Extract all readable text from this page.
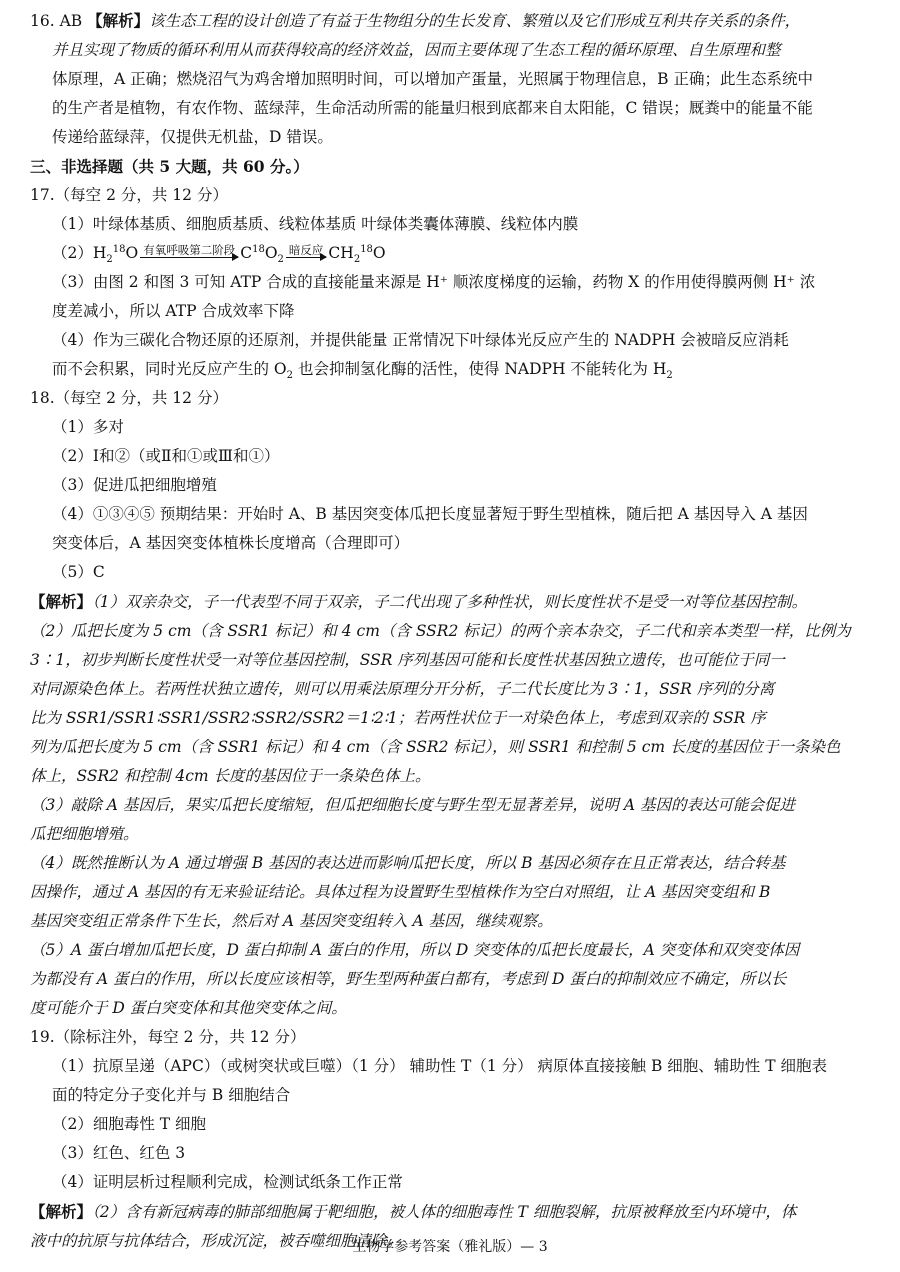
16. AB 【解析】该生态工程的设计创造了有益于生物组分的生长发育、繁殖以及它们形成互利共存关系的条件，

并且实现了物质的循环利用从而获得较高的经济效益，因而主要体现了生态工程的循环原理、自生原理和整

体原理，A 正确；燃烧沼气为鸡舍增加照明时间，可以增加产蛋量，光照属于物理信息，B 正确；此生态系统中

的生产者是植物，有农作物、蓝绿萍，生命活动所需的能量归根到底都来自太阳能，C 错误；厩粪中的能量不能

传递给蓝绿萍，仅提供无机盐，D 错误。

三、非选择题（共 5 大题，共 60 分。）

17.（每空 2 分，共 12 分）

（1）叶绿体基质、细胞质基质、线粒体基质 叶绿体类囊体薄膜、线粒体内膜

$(2)H_2^{18}O$ 有氧呼吸第二阶段 $C^{18}O_2$
暗反应 $CH_2^{18}O$

（3）由图 2 和图 3 可知 ATP 合成的直接能量来源是 H⁺ 顺浓度梯度的运输，药物 X 的作用使得膜两侧 H⁺ 浓

度差减小，所以 ATP 合成效率下降

（4）作为三碳化合物还原的还原剂，并提供能量 正常情况下叶绿体光反应产生的 NADPH 会被暗反应消耗

而不会积累，同时光反应产生的 $O_2$ 也会抑制氢化酶的活性，使得 NADPH 不能转化为 $H_2$

18.（每空 2 分，共 12 分）

（1）多对

（2）Ⅰ和②（或Ⅱ和①或Ⅲ和①）

（3）促进瓜把细胞增殖

（4）①③④⑤ 预期结果：开始时 A、B 基因突变体瓜把长度显著短于野生型植株，随后把 A 基因导入 A 基因

突变体后，A 基因突变体植株长度增高（合理即可）

（5）C

【解析】（1）双亲杂交，子一代表型不同于双亲，子二代出现了多种性状，则长度性状不是受一对等位基因控制。

（2）瓜把长度为 5 cm（含 SSR1 标记）和 4 cm（含 SSR2 标记）的两个亲本杂交，子二代和亲本类型一样，比例为

3∶1，初步判断长度性状受一对等位基因控制，SSR 序列基因可能和长度性状基因独立遗传，也可能位于同一

对同源染色体上。若两性状独立遗传，则可以用乘法原理分开分析，子二代长度比为 3∶1，SSR 序列的分离

比为 SSR1/SSR1∶SSR1/SSR2∶SSR2/SSR2＝1∶2∶1；若两性状位于一对染色体上，考虑到双亲的 SSR 序

列为瓜把长度为 5 cm（含 SSR1 标记）和 4 cm（含 SSR2 标记），则 SSR1 和控制 5 cm 长度的基因位于一条染色

体上，SSR2 和控制 4cm 长度的基因位于一条染色体上。

（3）敲除 A 基因后，果实瓜把长度缩短，但瓜把细胞长度与野生型无显著差异，说明 A 基因的表达可能会促进

瓜把细胞增殖。

（4）既然推断认为 A 通过增强 B 基因的表达进而影响瓜把长度，所以 B 基因必须存在且正常表达，结合转基

因操作，通过 A 基因的有无来验证结论。具体过程为设置野生型植株作为空白对照组，让 A 基因突变组和 B

基因突变组正常条件下生长，然后对 A 基因突变组转入 A 基因，继续观察。

（5）A 蛋白增加瓜把长度，D 蛋白抑制 A 蛋白的作用，所以 D 突变体的瓜把长度最长，A 突变体和双突变体因

为都没有 A 蛋白的作用，所以长度应该相等，野生型两种蛋白都有，考虑到 D 蛋白的抑制效应不确定，所以长

度可能介于 D 蛋白突变体和其他突变体之间。

19.（除标注外，每空 2 分，共 12 分）

（1）抗原呈递（APC）（或树突状或巨噬）（1 分） 辅助性 T（1 分） 病原体直接接触 B 细胞、辅助性 T 细胞表

面的特定分子变化并与 B 细胞结合

（2）细胞毒性 T 细胞

（3）红色、红色 3

（4）证明层析过程顺利完成，检测试纸条工作正常

【解析】（2）含有新冠病毒的肺部细胞属于靶细胞，被人体的细胞毒性 T 细胞裂解，抗原被释放至内环境中，体

液中的抗原与抗体结合，形成沉淀，被吞噬细胞清除。

生物学参考答案（雅礼版）— 3
